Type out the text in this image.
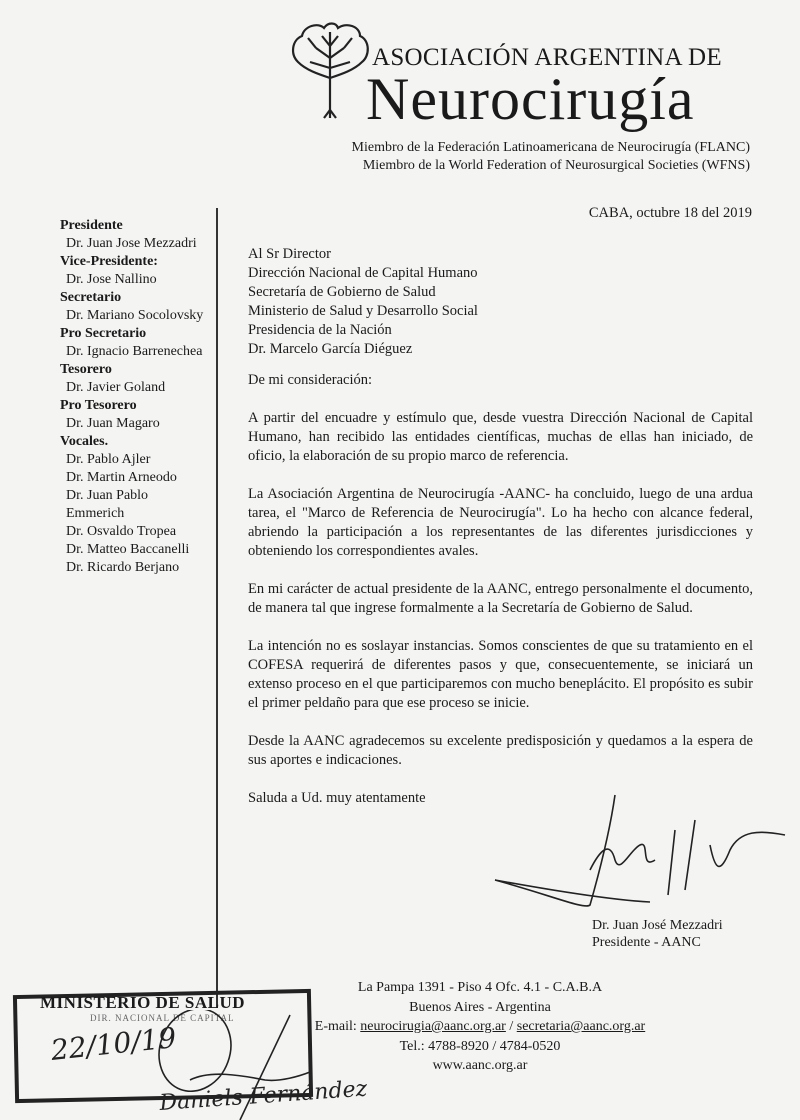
ASOCIACIÓN ARGENTINA DE
Neurocirugía
Miembro de la Federación Latinoamericana de Neurocirugía (FLANC)
Miembro de la World Federation of Neurosurgical Societies (WFNS)
Presidente
Dr. Juan Jose Mezzadri
Vice-Presidente:
Dr. Jose Nallino
Secretario
Dr. Mariano Socolovsky
Pro Secretario
Dr. Ignacio Barrenechea
Tesorero
Dr. Javier Goland
Pro Tesorero
Dr. Juan Magaro
Vocales.
Dr. Pablo Ajler
Dr. Martin Arneodo
Dr. Juan Pablo
Emmerich
Dr. Osvaldo Tropea
Dr. Matteo Baccanelli
Dr. Ricardo Berjano
CABA, octubre 18 del 2019
Al Sr Director
Dirección Nacional de Capital Humano
Secretaría de Gobierno de Salud
Ministerio de Salud y Desarrollo Social
Presidencia de la Nación
Dr. Marcelo García Diéguez

De mi consideración:

A partir del encuadre y estímulo que, desde vuestra Dirección Nacional de Capital Humano, han recibido las entidades científicas, muchas de ellas han iniciado, de oficio, la elaboración de su propio marco de referencia.

La Asociación Argentina de Neurocirugía -AANC- ha concluido, luego de una ardua tarea, el "Marco de Referencia de Neurocirugía". Lo ha hecho con alcance federal, abriendo la participación a los representantes de las diferentes jurisdicciones y obteniendo los correspondientes avales.

En mi carácter de actual presidente de la AANC, entrego personalmente el documento, de manera tal que ingrese formalmente a la Secretaría de Gobierno de Salud.

La intención no es soslayar instancias. Somos conscientes de que su tratamiento en el COFESA requerirá de diferentes pasos y que, consecuentemente, se iniciará un extenso proceso en el que participaremos con mucho beneplácito. El propósito es subir el primer peldaño para que ese proceso se inicie.

Desde la AANC agradecemos su excelente predisposición y quedamos a la espera de sus aportes e indicaciones.

Saluda a Ud. muy atentamente

Dr. Juan José Mezzadri
Presidente - AANC
La Pampa 1391 - Piso 4 Ofc. 4.1 - C.A.B.A
Buenos Aires - Argentina
E-mail: neurocirugia@aanc.org.ar / secretaria@aanc.org.ar
Tel.: 4788-8920 / 4784-0520
www.aanc.org.ar
MINISTERIO DE SALUD
DIR. NACIONAL DE CAPITAL
22/10/19
Daniels Fernández
